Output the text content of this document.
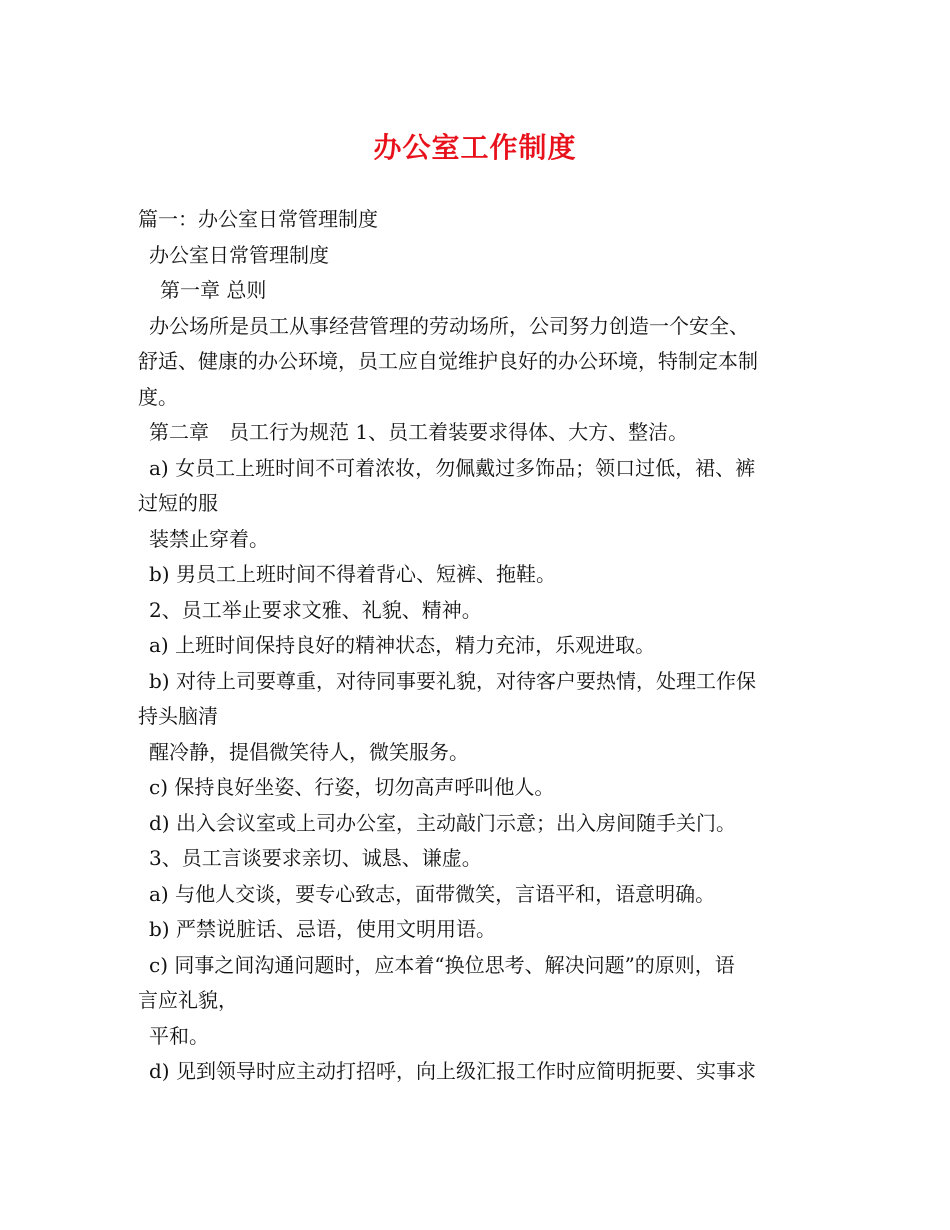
办公室工作制度

篇一：办公室日常管理制度

办公室日常管理制度

第一章 总则

办公场所是员工从事经营管理的劳动场所，公司努力创造一个安全、

舒适、健康的办公环境，员工应自觉维护良好的办公环境，特制定本制

度。

第二章　员工行为规范 1、员工着装要求得体、大方、整洁。

a) 女员工上班时间不可着浓妆，勿佩戴过多饰品；领口过低，裙、裤

过短的服

装禁止穿着。

b) 男员工上班时间不得着背心、短裤、拖鞋。

2、员工举止要求文雅、礼貌、精神。

a) 上班时间保持良好的精神状态，精力充沛，乐观进取。

b) 对待上司要尊重，对待同事要礼貌，对待客户要热情，处理工作保

持头脑清

醒冷静，提倡微笑待人，微笑服务。

c) 保持良好坐姿、行姿，切勿高声呼叫他人。

d) 出入会议室或上司办公室，主动敲门示意；出入房间随手关门。

3、员工言谈要求亲切、诚恳、谦虚。

a) 与他人交谈，要专心致志，面带微笑，言语平和，语意明确。

b) 严禁说脏话、忌语，使用文明用语。

c) 同事之间沟通问题时，应本着“换位思考、解决问题”的原则，语

言应礼貌，

平和。

d) 见到领导时应主动打招呼，向上级汇报工作时应简明扼要、实事求
